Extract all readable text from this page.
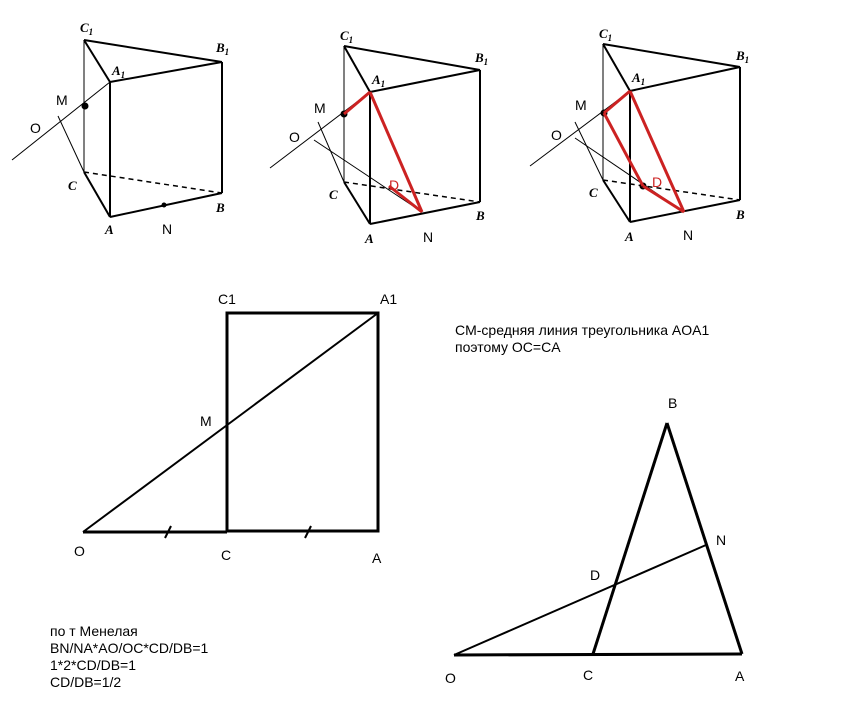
$C_1$
$B_1$
$A_1$
M
O
C
A	N
B
$C_1$
$B_1$
$A_1$
M
O
C
D
A	N
B
$C_1$
$B_1$
$A_1$
M
O
C
D
A	N
B
C1	A1
M
O	C	A
B
N
D
O	C	A
CM-средняя линия треугольника AOA1
поэтому OC=CA
по т Менелая
BN/NA*AO/OC*CD/DB=1
1*2*CD/DB=1
CD/DB=1/2
